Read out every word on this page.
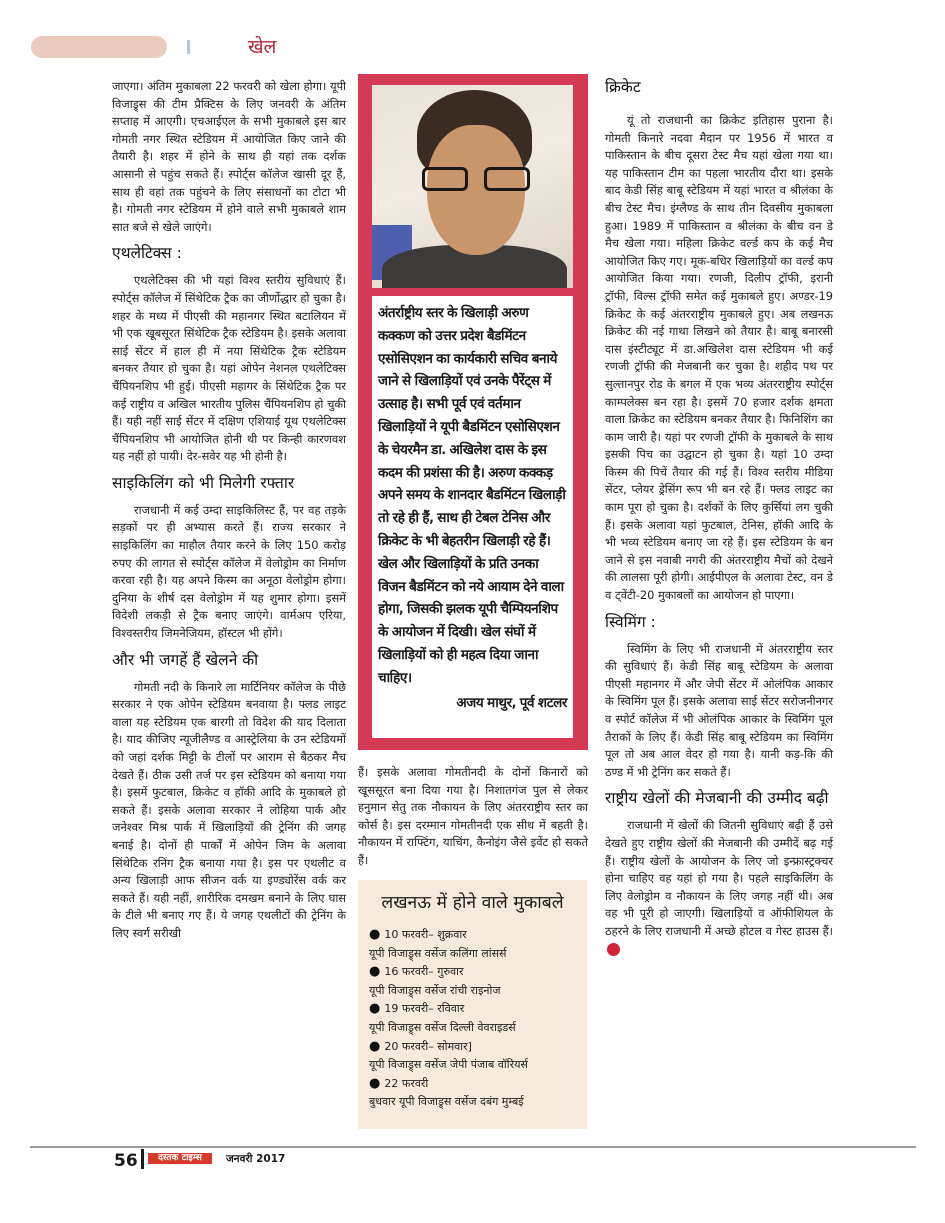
खेल

जाएगा। अंतिम मुकाबला 22 फरवरी को खेला होगा। यूपी विजाड्र्स की टीम प्रैक्टिस के लिए जनवरी के अंतिम सप्ताह में आएगी। एचआईएल के सभी मुकाबले इस बार गोमती नगर स्थित स्टेडियम में आयोजित किए जाने की तैयारी है। शहर में होने के साथ ही यहां तक दर्शक आसानी से पहुंच सकते हैं। स्पोर्ट्स कॉलेज खासी दूर हैं, साथ ही वहां तक पहुंचने के लिए संसाधनों का टोटा भी है। गोमती नगर स्टेडियम में होने वाले सभी मुकाबले शाम सात बजे से खेले जाएंगे।

एथलेटिक्स :

एथलेटिक्स की भी यहां विश्व स्तरीय सुविधाएं हैं। स्पोर्ट्स कॉलेज में सिंथेटिक ट्रैक का जीर्णोद्धार हो चुका है। शहर के मध्य में पीएसी की महानगर स्थित बटालियन में भी एक खूबसूरत सिंथेटिक ट्रैक स्टेडियम है। इसके अलावा साई सेंटर में हाल ही में नया सिंथेटिक ट्रैक स्टेडियम बनकर तैयार हो चुका है। यहां ओपेन नेशनल एथलेटिक्स चैंपियनशिप भी हुई। पीएसी महागर के सिंथेटिक ट्रैक पर कई राष्ट्रीय व अखिल भारतीय पुलिस चैंपियनशिप हो चुकी हैं। यही नहीं साई सेंटर में दक्षिण एशियाई यूथ एथलेटिक्स चैंपियनशिप भी आयोजित होनी थी पर किन्ही कारणवश यह नहीं हो पायी। देर-सवेर यह भी होनी है।

साइकिलिंग को भी मिलेगी रफ्तार

राजधानी में कई उम्दा साइकिलिस्ट हैं, पर वह तड़के सड़कों पर ही अभ्यास करते हैं। राज्य सरकार ने साइकिलिंग का माहौल तैयार करने के लिए 150 करोड़ रुपए की लागत से स्पोर्ट्स कॉलेज में वेलोड्रोम का निर्माण करवा रही है। यह अपने किस्म का अनूठा वेलोड्रोम होगा। दुनिया के शीर्ष दस वेलोड्रोम में यह शुमार होगा। इसमें विदेशी लकड़ी से ट्रैक बनाए जाएंगे। वार्मअप एरिया, विश्वस्तरीय जिमनेजियम, हॉस्टल भी होंगे।

और भी जगहें हैं खेलने की

गोमती नदी के किनारे ला मार्टिनियर कॉलेज के पीछे सरकार ने एक ओपेन स्टेडियम बनवाया है। फ्लड लाइट वाला यह स्टेडियम एक बारगी तो विदेश की याद दिलाता है। याद कीजिए न्यूजीलैण्ड व आस्ट्रेलिया के उन स्टेडियमों को जहां दर्शक मिट्टी के टीलों पर आराम से बैठकर मैच देखते हैं। ठीक उसी तर्ज पर इस स्टेडियम को बनाया गया है। इसमें फुटबाल, क्रिकेट व हॉकी आदि के मुकाबले हो सकते हैं। इसके अलावा सरकार ने लोहिया पार्क और जनेश्वर मिश्र पार्क में खिलाड़ियों की ट्रेनिंग की जगह बनाई है। दोनों ही पार्कों में ओपेन जिम के अलावा सिंथेटिक रनिंग ट्रैक बनाया गया है। इस पर एथलीट व अन्य खिलाड़ी आफ सीजन वर्क या इण्ड्योरेंस वर्क कर सकते हैं। यही नहीं, शारीरिक दमखम बनाने के लिए घास के टीले भी बनाए गए हैं। ये जगह एथलीटों की ट्रेनिंग के लिए स्वर्ग सरीखी

अंतर्राष्ट्रीय स्तर के खिलाड़ी अरुण कक्कण को उत्तर प्रदेश बैडमिंटन एसोसिएशन का कार्यकारी सचिव बनाये जाने से खिलाड़ियों एवं उनके पैरेंट्स में उत्साह है। सभी पूर्व एवं वर्तमान खिलाड़ियों ने यूपी बैडमिंटन एसोसिएशन के चेयरमैन डा. अखिलेश दास के इस कदम की प्रशंसा की है। अरुण कक्कड़ अपने समय के शानदार बैडमिंटन खिलाड़ी तो रहे ही हैं, साथ ही टेबल टेनिस और क्रिकेट के भी बेहतरीन खिलाड़ी रहे हैं। खेल और खिलाड़ियों के प्रति उनका विजन बैडमिंटन को नये आयाम देने वाला होगा, जिसकी झलक यूपी चैम्पियनशिप के आयोजन में दिखी। खेल संघों में खिलाड़ियों को ही महत्व दिया जाना चाहिए।
अजय माथुर, पूर्व शटलर

हैं। इसके अलावा गोमतीनदी के दोनों किनारों को खूससूरत बना दिया गया है। निशातगंज पुल से लेकर हनुमान सेतु तक नौकायन के लिए अंतरराष्ट्रीय स्तर का कोर्स है। इस दरम्मान गोमतीनदी एक सीध में बहती है। नौकायन में राफ्टिंग, याचिंग, कैनोइंग जैसे इवेंट हो सकते हैं।

लखनऊ में होने वाले मुकाबले
● 10 फरवरी– शुक्रवार
यूपी विजाड्र्स वर्सेज कलिंगा लांसर्स
● 16 फरवरी– गुरुवार
यूपी विजाड्र्स वर्सेज रांची राइनोज
● 19 फरवरी– रविवार
यूपी विजाड्र्स वर्सेज दिल्ली वेवराइडर्स
● 20 फरवरी– सोमवार]
यूपी विजाड्र्स वर्सेज जेपी पंजाब वॉरियर्स
● 22 फरवरी
बुधवार यूपी विजाड्र्स वर्सेज दबंग मुम्बई
क्रिकेट

यूं तो राजधानी का क्रिकेट इतिहास पुराना है। गोमती किनारे नदवा मैदान पर 1956 में भारत व पाकिस्तान के बीच दूसरा टेस्ट मैच यहां खेला गया था। यह पाकिस्तान टीम का पहला भारतीय दौरा था। इसके बाद केडी सिंह बाबू स्टेडियम में यहां भारत व श्रीलंका के बीच टेस्ट मैच। इंग्लैण्ड के साथ तीन दिवसीय मुकाबला हुआ। 1989 में पाकिस्तान व श्रीलंका के बीच वन डे मैच खेला गया। महिला क्रिकेट वर्ल्ड कप के कई मैच आयोजित किए गए। मूक-बधिर खिलाड़ियों का वर्ल्ड कप आयोजित किया गया। रणजी, दिलीप ट्रॉफी, इरानी ट्रॉफी, विल्स ट्रॉफी समेत कई मुकाबले हुए। अण्डर-19 क्रिकेट के कई अंतरराष्ट्रीय मुकाबले हुए। अब लखनऊ क्रिकेट की नई गाथा लिखने को तैयार है। बाबू बनारसी दास इंस्टीट्यूट में डा.अखिलेश दास स्टेडियम भी कई रणजी ट्रॉफी की मेजबानी कर चुका है। शहीद पथ पर सुल्तानपुर रोड के बगल में एक भव्य अंतरराष्ट्रीय स्पोर्ट्स काम्पलेक्स बन रहा है। इसमें 70 हजार दर्शक क्षमता वाला क्रिकेट का स्टेडियम बनकर तैयार है। फिनिशिंग का काम जारी है। यहां पर रणजी ट्रॉफी के मुकाबले के साथ इसकी पिच का उद्घाटन हो चुका है। यहां 10 उम्दा किस्म की पिचें तैयार की गई हैं। विश्व स्तरीय मीडिया सेंटर, प्लेयर ड्रेसिंग रूप भी बन रहे हैं। फ्लड लाइट का काम पूरा हो चुका है। दर्शकों के लिए कुर्सियां लग चुकी हैं। इसके अलावा यहां फुटबाल, टेनिस, हॉकी आदि के भी भव्य स्टेडियम बनाए जा रहे हैं। इस स्टेडियम के बन जाने से इस नवाबी नगरी की अंतरराष्ट्रीय मैचों को देखने की लालसा पूरी होगी। आईपीएल के अलावा टेस्ट, वन डे व ट्वेंटी-20 मुकाबलों का आयोजन हो पाएगा।

स्विमिंग :

स्विमिंग के लिए भी राजधानी में अंतरराष्ट्रीय स्तर की सुविधाएं हैं। केडी सिंह बाबू स्टेडियम के अलावा पीएसी महानगर में और जेपी सेंटर में ओलंपिक आकार के स्विमिंग पूल हैं। इसके अलावा साई सेंटर सरोजनीनगर व स्पोर्ट कॉलेज में भी ओलंपिक आकार के स्विमिंग पूल तैराकों के लिए हैं। केडी सिंह बाबू स्टेडियम का स्विमिंग पूल तो अब आल वेदर हो गया है। यानी कड़-कि की ठण्ड में भी ट्रेनिंग कर सकते हैं।

राष्ट्रीय खेलों की मेजबानी की उम्मीद बढ़ी

राजधानी में खेलों की जितनी सुविधाएं बढ़ी हैं उसे देखते हुए राष्ट्रीय खेलों की मेजबानी की उम्मीदें बढ़ गई हैं। राष्ट्रीय खेलों के आयोजन के लिए जो इन्फ्रास्ट्रक्चर होना चाहिए वह यहां हो गया है। पहले साइकिलिंग के लिए वेलोड्रोम व नौकायन के लिए जगह नहीं थी। अब वह भी पूरी हो जाएगी। खिलाड़ियों व ऑफीशियल के ठहरने के लिए राजधानी में अच्छे होटल व गेस्ट हाउस हैं।

56	दस्तक टाइम्स	जनवरी 2017
